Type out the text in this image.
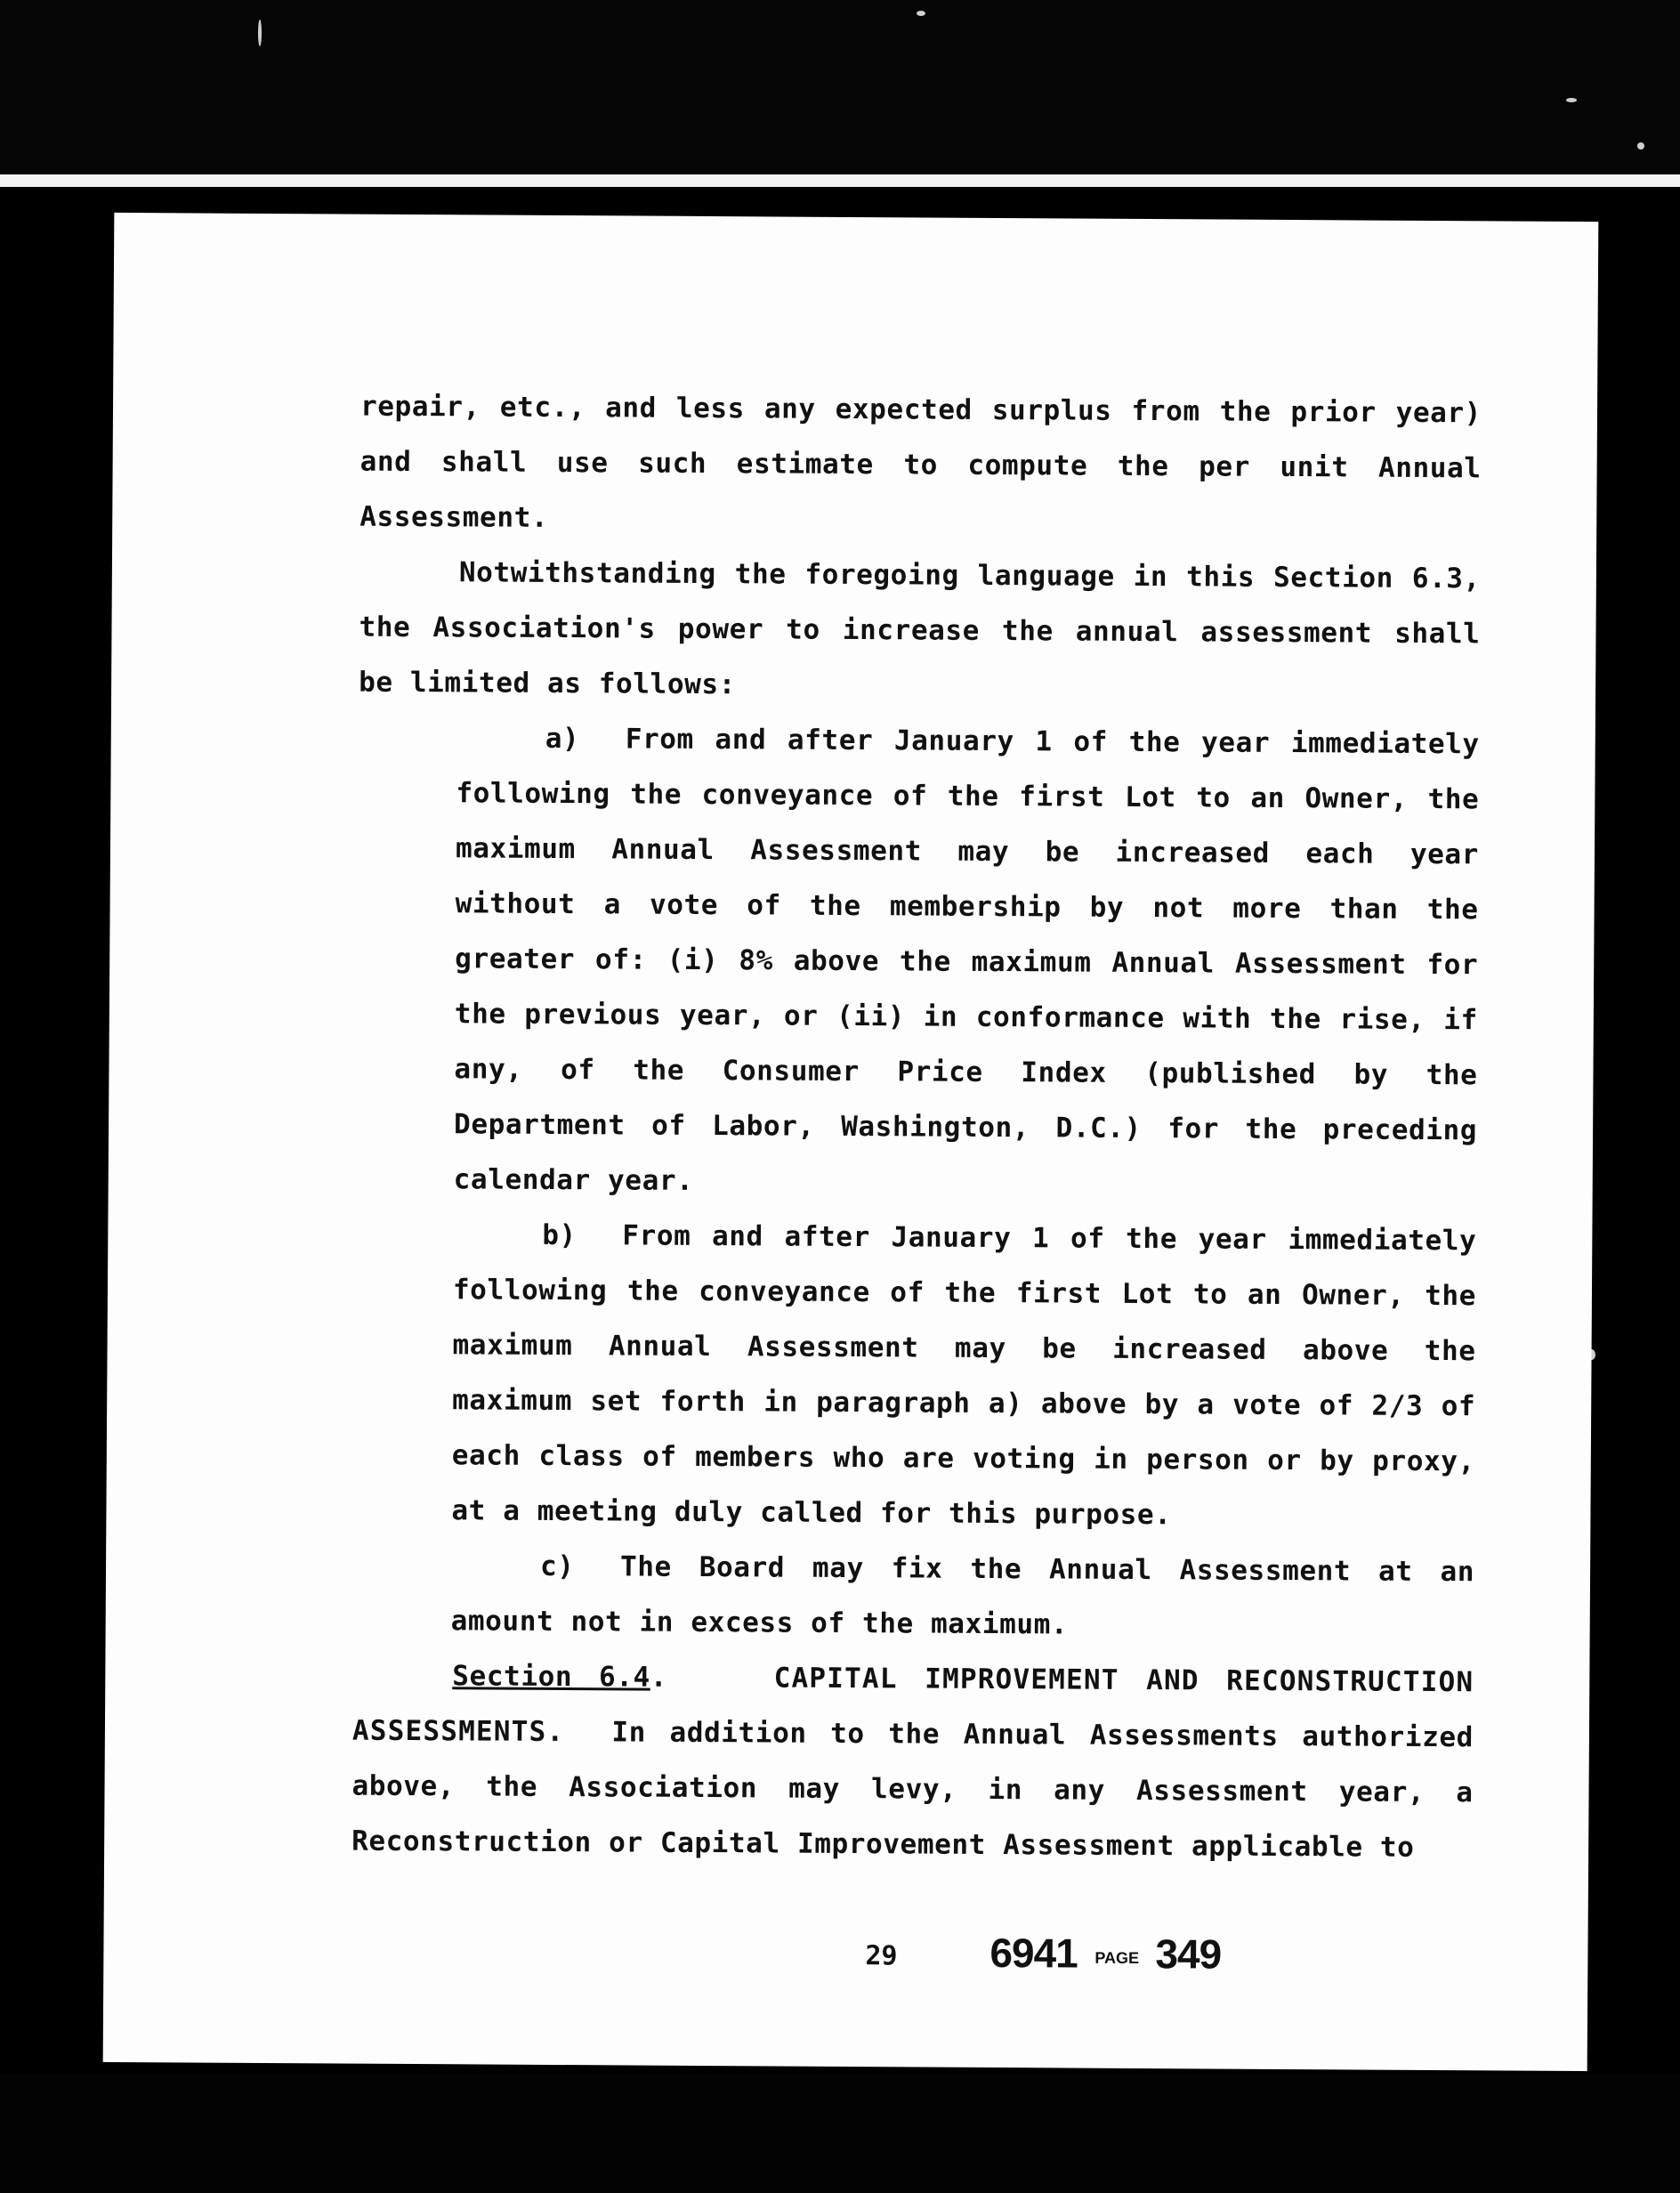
repair, etc., and less any expected surplus from the prior year) and shall use such estimate to compute the per unit Annual Assessment.

Notwithstanding the foregoing language in this Section 6.3, the Association's power to increase the annual assessment shall be limited as follows:

a) From and after January 1 of the year immediately following the conveyance of the first Lot to an Owner, the maximum Annual Assessment may be increased each year without a vote of the membership by not more than the greater of: (i) 8% above the maximum Annual Assessment for the previous year, or (ii) in conformance with the rise, if any, of the Consumer Price Index (published by the Department of Labor, Washington, D.C.) for the preceding calendar year.

b) From and after January 1 of the year immediately following the conveyance of the first Lot to an Owner, the maximum Annual Assessment may be increased above the maximum set forth in paragraph a) above by a vote of 2/3 of each class of members who are voting in person or by proxy, at a meeting duly called for this purpose.

c) The Board may fix the Annual Assessment at an amount not in excess of the maximum.

Section 6.4.	CAPITAL IMPROVEMENT AND RECONSTRUCTION ASSESSMENTS. In addition to the Annual Assessments authorized above, the Association may levy, in any Assessment year, a Reconstruction or Capital Improvement Assessment applicable to

29 6941 PAGE 349
